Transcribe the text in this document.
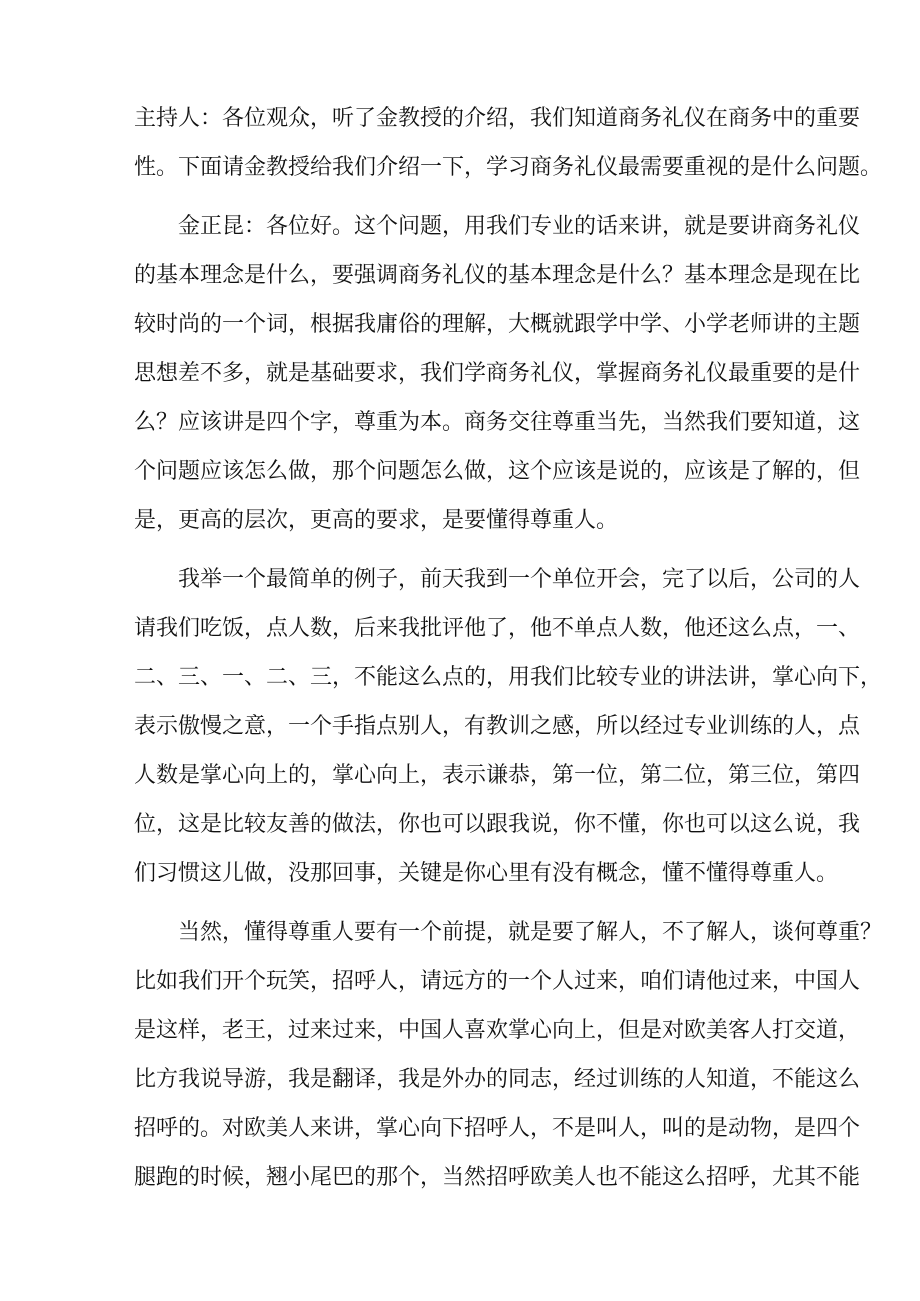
主持人：各位观众，听了金教授的介绍，我们知道商务礼仪在商务中的重要
性。下面请金教授给我们介绍一下，学习商务礼仪最需要重视的是什么问题。
金正昆：各位好。这个问题，用我们专业的话来讲，就是要讲商务礼仪
的基本理念是什么，要强调商务礼仪的基本理念是什么？基本理念是现在比
较时尚的一个词，根据我庸俗的理解，大概就跟学中学、小学老师讲的主题
思想差不多，就是基础要求，我们学商务礼仪，掌握商务礼仪最重要的是什
么？应该讲是四个字，尊重为本。商务交往尊重当先，当然我们要知道，这
个问题应该怎么做，那个问题怎么做，这个应该是说的，应该是了解的，但
是，更高的层次，更高的要求，是要懂得尊重人。
我举一个最简单的例子，前天我到一个单位开会，完了以后，公司的人
请我们吃饭，点人数，后来我批评他了，他不单点人数，他还这么点，一、
二、三、一、二、三，不能这么点的，用我们比较专业的讲法讲，掌心向下，
表示傲慢之意，一个手指点别人，有教训之感，所以经过专业训练的人，点
人数是掌心向上的，掌心向上，表示谦恭，第一位，第二位，第三位，第四
位，这是比较友善的做法，你也可以跟我说，你不懂，你也可以这么说，我
们习惯这儿做，没那回事，关键是你心里有没有概念，懂不懂得尊重人。
当然，懂得尊重人要有一个前提，就是要了解人，不了解人，谈何尊重？
比如我们开个玩笑，招呼人，请远方的一个人过来，咱们请他过来，中国人
是这样，老王，过来过来，中国人喜欢掌心向上，但是对欧美客人打交道，
比方我说导游，我是翻译，我是外办的同志，经过训练的人知道，不能这么
招呼的。对欧美人来讲，掌心向下招呼人，不是叫人，叫的是动物，是四个
腿跑的时候，翘小尾巴的那个，当然招呼欧美人也不能这么招呼，尤其不能
